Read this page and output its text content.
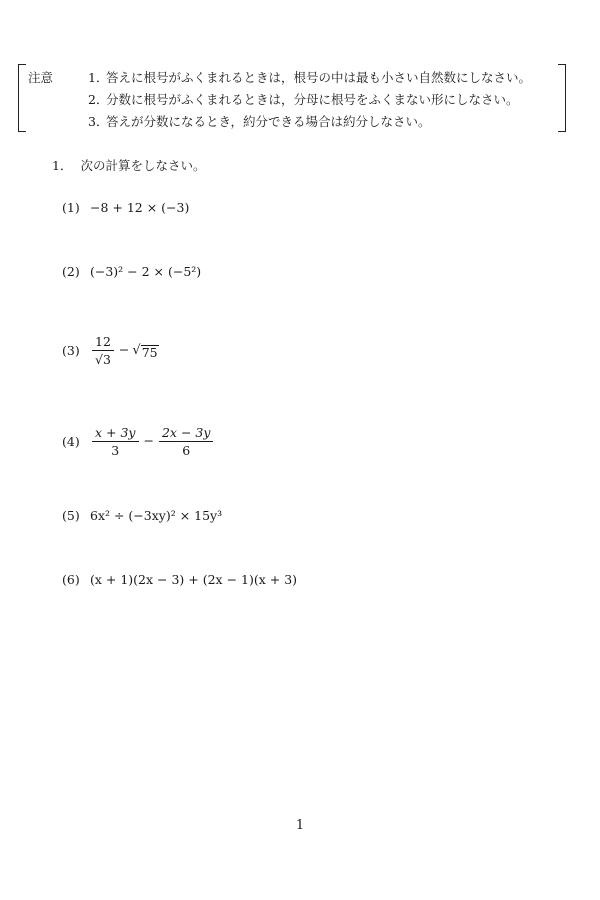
注意	1．答えに根号がふくまれるときは，根号の中は最も小さい自然数にしなさい。
2．分数に根号がふくまれるときは，分母に根号をふくまない形にしなさい。
3．答えが分数になるとき，約分できる場合は約分しなさい。
1． 次の計算をしなさい。
(1) −8 + 12 × (−3)
(2) (−3)² − 2 × (−5²)
$(3) \frac{12}{√3}$ − √ 75
$(4) \frac{x + 3y}{3} - \frac{2x - 3y}{6}$
(5) 6x² ÷ (−3xy)² × 15y³
(6) (x + 1)(2x − 3) + (2x − 1)(x + 3)
1
